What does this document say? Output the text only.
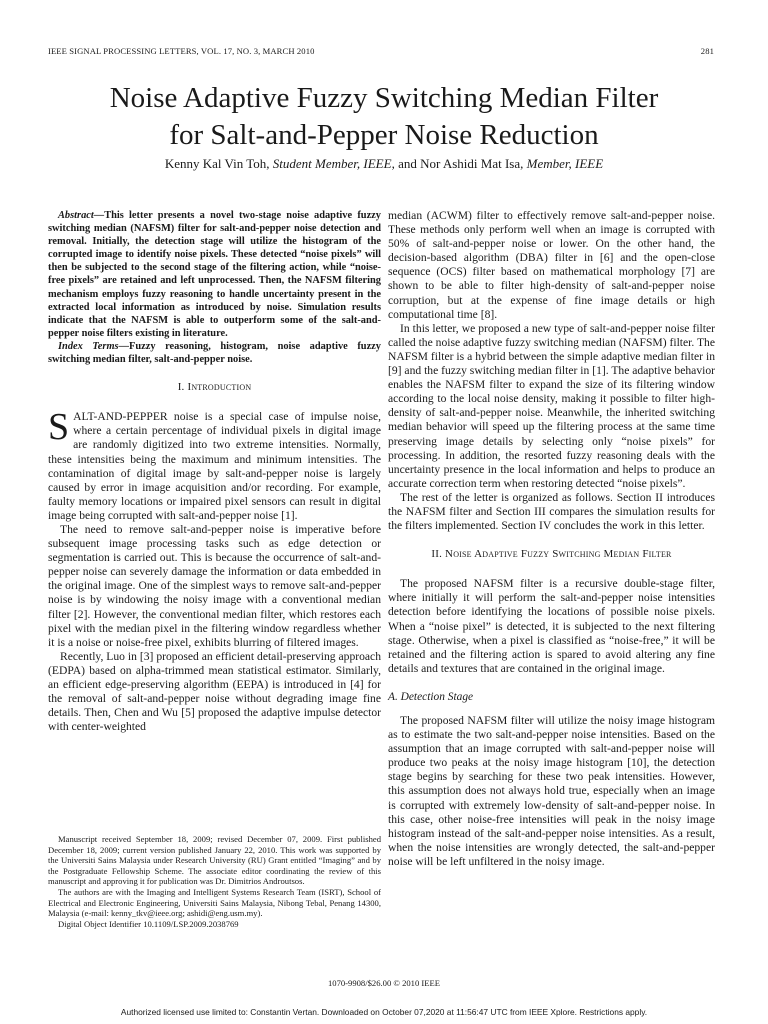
IEEE SIGNAL PROCESSING LETTERS, VOL. 17, NO. 3, MARCH 2010	281
Noise Adaptive Fuzzy Switching Median Filter
for Salt-and-Pepper Noise Reduction
Kenny Kal Vin Toh, Student Member, IEEE, and Nor Ashidi Mat Isa, Member, IEEE

Abstract—This letter presents a novel two-stage noise adaptive fuzzy switching median (NAFSM) filter for salt-and-pepper noise detection and removal. Initially, the detection stage will utilize the histogram of the corrupted image to identify noise pixels. These detected “noise pixels” will then be subjected to the second stage of the filtering action, while “noise-free pixels” are retained and left unprocessed. Then, the NAFSM filtering mechanism employs fuzzy reasoning to handle uncertainty present in the extracted local information as introduced by noise. Simulation results indicate that the NAFSM is able to outperform some of the salt-and-pepper noise filters existing in literature.

Index Terms—Fuzzy reasoning, histogram, noise adaptive fuzzy switching median filter, salt-and-pepper noise.

I. Introduction

SALT-AND-PEPPER noise is a special case of impulse noise, where a certain percentage of individual pixels in digital image are randomly digitized into two extreme intensities. Normally, these intensities being the maximum and minimum intensities. The contamination of digital image by salt-and-pepper noise is largely caused by error in image acquisition and/or recording. For example, faulty memory locations or impaired pixel sensors can result in digital image being corrupted with salt-and-pepper noise [1].

The need to remove salt-and-pepper noise is imperative before subsequent image processing tasks such as edge detection or segmentation is carried out. This is because the occurrence of salt-and-pepper noise can severely damage the information or data embedded in the original image. One of the simplest ways to remove salt-and-pepper noise is by windowing the noisy image with a conventional median filter [2]. However, the conventional median filter, which restores each pixel with the median pixel in the filtering window regardless whether it is a noise or noise-free pixel, exhibits blurring of filtered images.

Recently, Luo in [3] proposed an efficient detail-preserving approach (EDPA) based on alpha-trimmed mean statistical estimator. Similarly, an efficient edge-preserving algorithm (EEPA) is introduced in [4] for the removal of salt-and-pepper noise without degrading image fine details. Then, Chen and Wu [5] proposed the adaptive impulse detector with center-weighted

median (ACWM) filter to effectively remove salt-and-pepper noise. These methods only perform well when an image is corrupted with 50% of salt-and-pepper noise or lower. On the other hand, the decision-based algorithm (DBA) filter in [6] and the open-close sequence (OCS) filter based on mathematical morphology [7] are shown to be able to filter high-density of salt-and-pepper noise corruption, but at the expense of fine image details or high computational time [8].

In this letter, we proposed a new type of salt-and-pepper noise filter called the noise adaptive fuzzy switching median (NAFSM) filter. The NAFSM filter is a hybrid between the simple adaptive median filter in [9] and the fuzzy switching median filter in [1]. The adaptive behavior enables the NAFSM filter to expand the size of its filtering window according to the local noise density, making it possible to filter high-density of salt-and-pepper noise. Meanwhile, the inherited switching median behavior will speed up the filtering process at the same time preserving image details by selecting only “noise pixels” for processing. In addition, the resorted fuzzy reasoning deals with the uncertainty presence in the local information and helps to produce an accurate correction term when restoring detected “noise pixels”.

The rest of the letter is organized as follows. Section II introduces the NAFSM filter and Section III compares the simulation results for the filters implemented. Section IV concludes the work in this letter.

II. Noise Adaptive Fuzzy Switching Median Filter

The proposed NAFSM filter is a recursive double-stage filter, where initially it will perform the salt-and-pepper noise intensities detection before identifying the locations of possible noise pixels. When a “noise pixel” is detected, it is subjected to the next filtering stage. Otherwise, when a pixel is classified as “noise-free,” it will be retained and the filtering action is spared to avoid altering any fine details and textures that are contained in the original image.

A. Detection Stage

The proposed NAFSM filter will utilize the noisy image histogram as to estimate the two salt-and-pepper noise intensities. Based on the assumption that an image corrupted with salt-and-pepper noise will produce two peaks at the noisy image histogram [10], the detection stage begins by searching for these two peak intensities. However, this assumption does not always hold true, especially when an image is corrupted with extremely low-density of salt-and-pepper noise. In this case, other noise-free intensities will peak in the noisy image histogram instead of the salt-and-pepper noise intensities. As a result, when the noise intensities are wrongly detected, the salt-and-pepper noise will be left unfiltered in the noisy image.

Manuscript received September 18, 2009; revised December 07, 2009. First published December 18, 2009; current version published January 22, 2010. This work was supported by the Universiti Sains Malaysia under Research University (RU) Grant entitled “Imaging” and by the Postgraduate Fellowship Scheme. The associate editor coordinating the review of this manuscript and approving it for publication was Dr. Dimitrios Androutsos.

The authors are with the Imaging and Intelligent Systems Research Team (ISRT), School of Electrical and Electronic Engineering, Universiti Sains Malaysia, Nibong Tebal, Penang 14300, Malaysia (e-mail: kenny_tkv@ieee.org; ashidi@eng.usm.my).

Digital Object Identifier 10.1109/LSP.2009.2038769

1070-9908/$26.00 © 2010 IEEE
Authorized licensed use limited to: Constantin Vertan. Downloaded on October 07,2020 at 11:56:47 UTC from IEEE Xplore. Restrictions apply.
